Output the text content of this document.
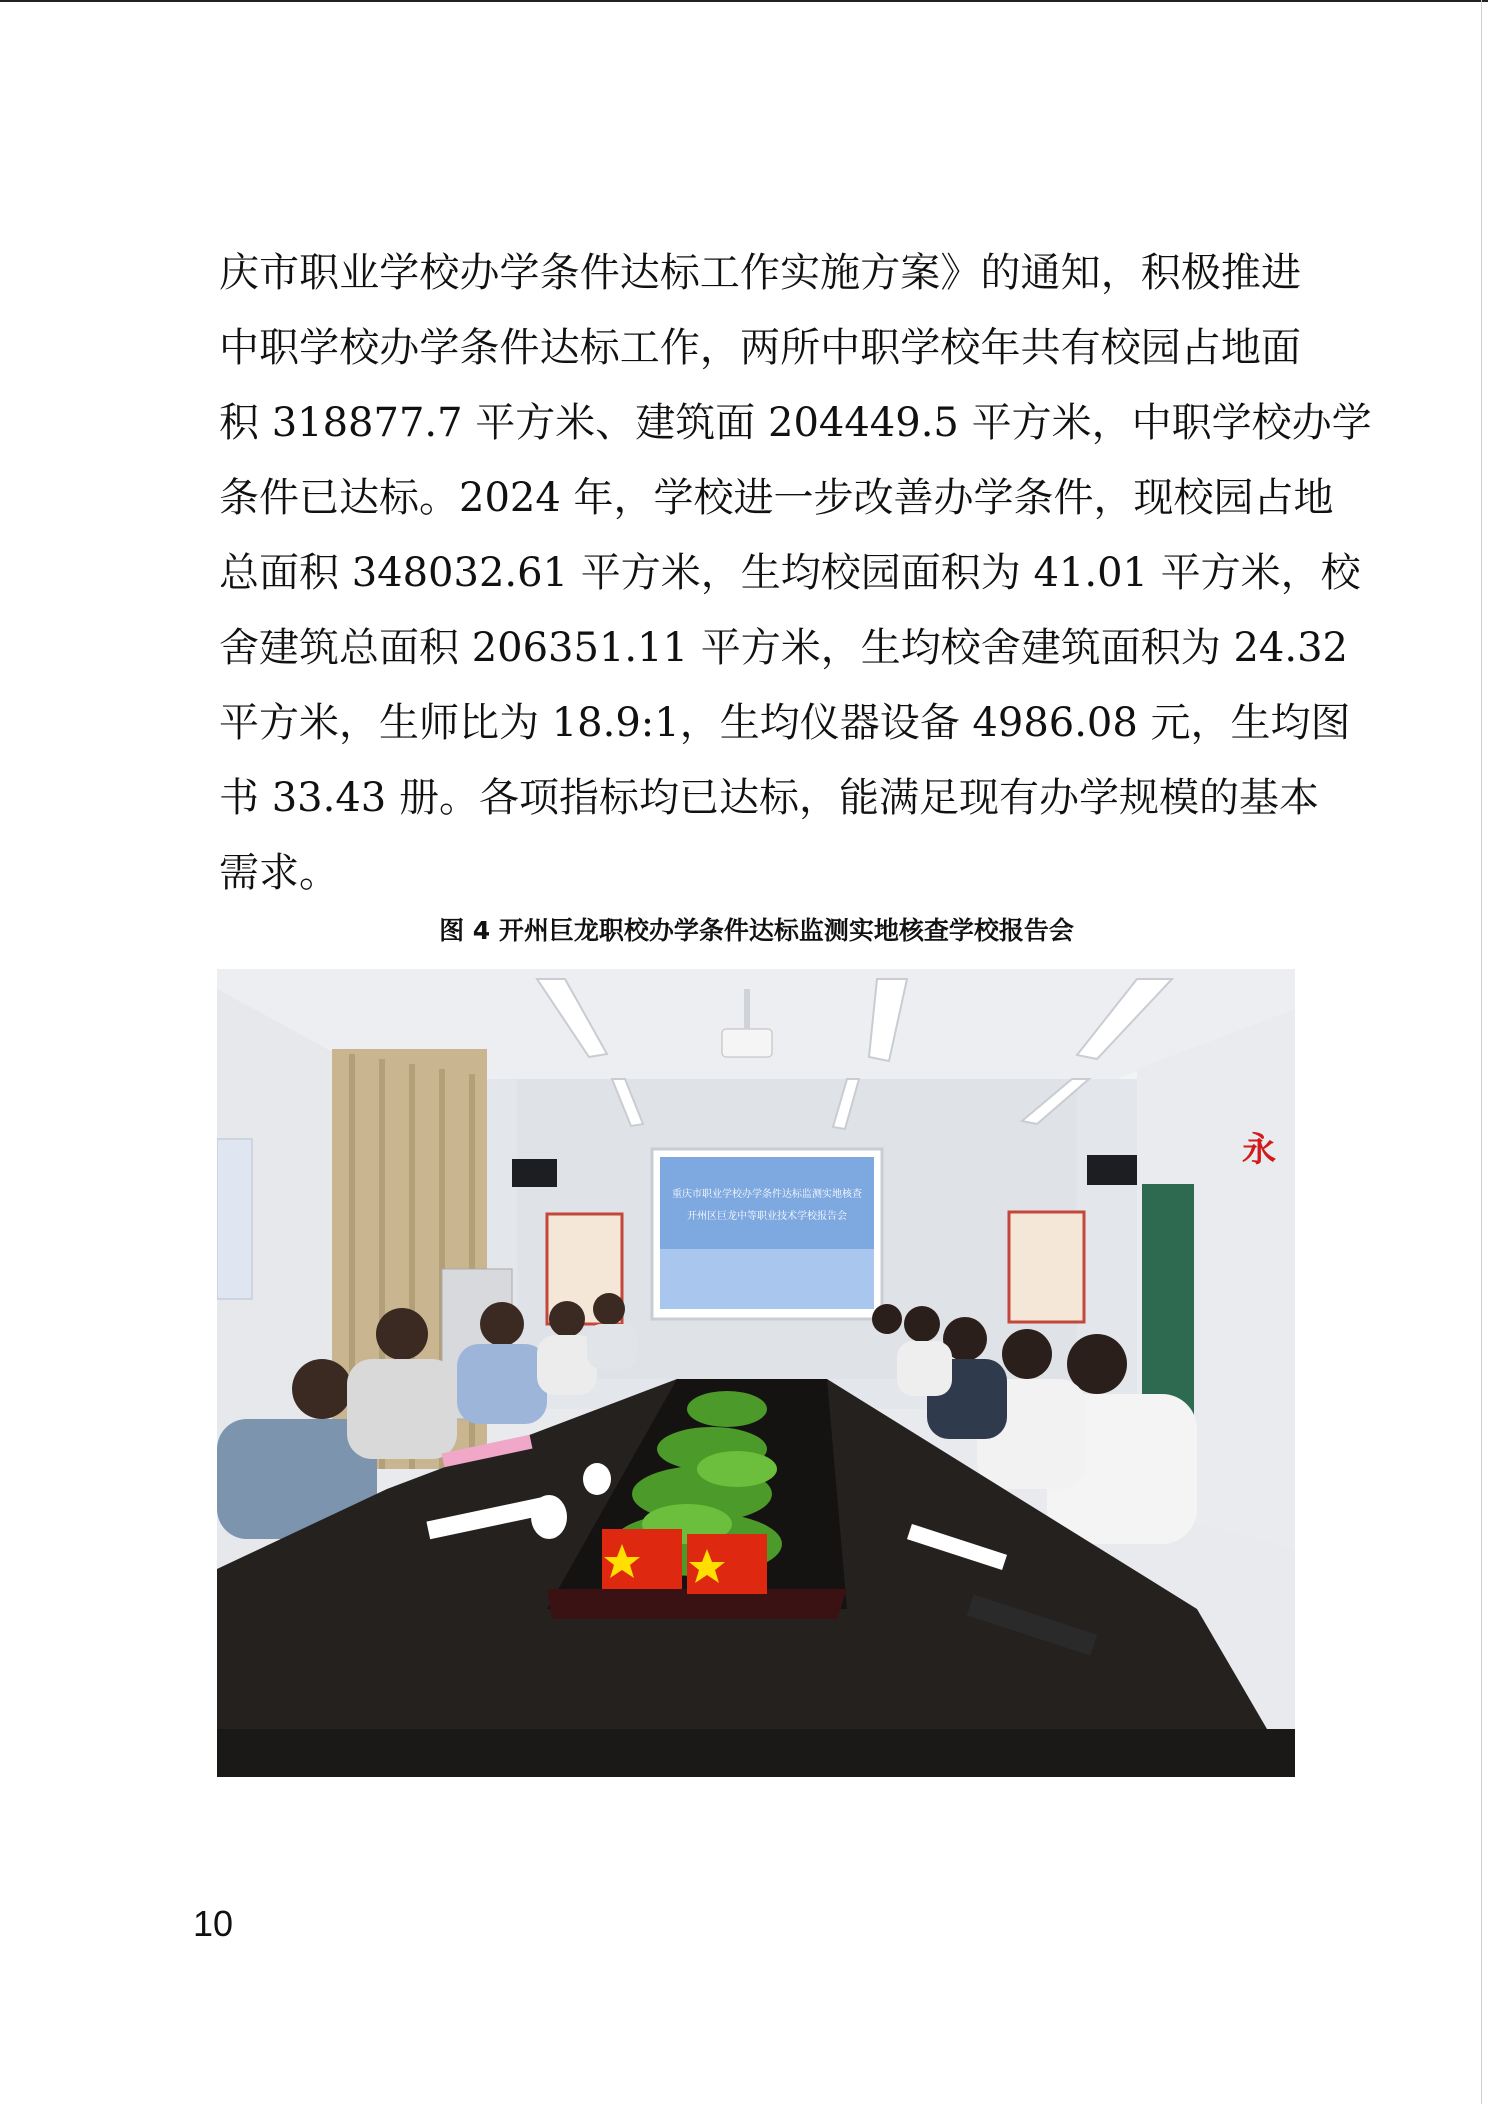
庆市职业学校办学条件达标工作实施方案》的通知，积极推进
中职学校办学条件达标工作，两所中职学校年共有校园占地面
积 318877.7 平方米、建筑面 204449.5 平方米，中职学校办学
条件已达标。2024 年，学校进一步改善办学条件，现校园占地
总面积 348032.61 平方米，生均校园面积为 41.01 平方米，校
舍建筑总面积 206351.11 平方米，生均校舍建筑面积为 24.32
平方米，生师比为 18.9:1，生均仪器设备 4986.08 元，生均图
书 33.43 册。各项指标均已达标，能满足现有办学规模的基本
需求。
图 4 开州巨龙职校办学条件达标监测实地核查学校报告会
重庆市职业学校办学条件达标监测实地核查
开州区巨龙中等职业技术学校报告会
永
10
